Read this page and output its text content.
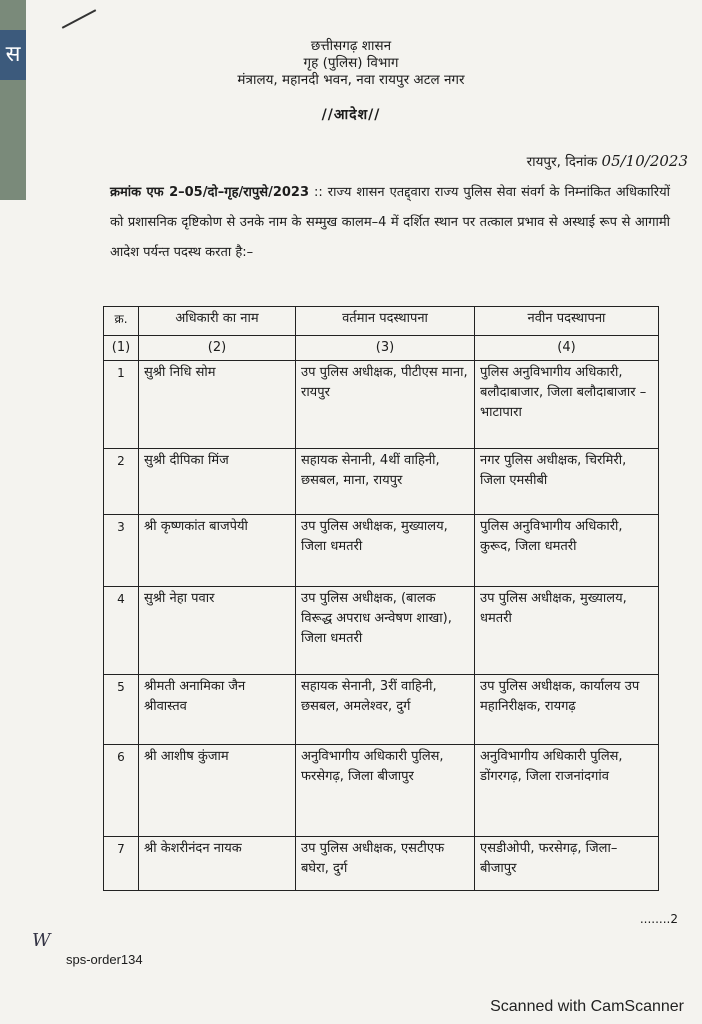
स	छत्तीसगढ़ शासन
गृह (पुलिस) विभाग
मंत्रालय, महानदी भवन, नवा रायपुर अटल नगर
//आदेश//
रायपुर, दिनांक 05/10/2023
क्रमांक एफ 2–05/दो–गृह/रापुसे/2023 :: राज्य शासन एतद्द्वारा राज्य पुलिस सेवा संवर्ग के निम्नांकित अधिकारियों को प्रशासनिक दृष्टिकोण से उनके नाम के सम्मुख कालम–4 में दर्शित स्थान पर तत्काल प्रभाव से अस्थाई रूप से आगामी आदेश पर्यन्त पदस्थ करता है:–
क्र.	अधिकारी का नाम	वर्तमान पदस्थापना	नवीन पदस्थापना
(1)	(2)	(3)	(4)
1	सुश्री निधि सोम	उप पुलिस अधीक्षक, पीटीएस माना, रायपुर	पुलिस अनुविभागीय अधिकारी, बलौदाबाजार, जिला बलौदाबाजार – भाटापारा
2	सुश्री दीपिका मिंज	सहायक सेनानी, 4थीं वाहिनी, छसबल, माना, रायपुर	नगर पुलिस अधीक्षक, चिरमिरी, जिला एमसीबी
3	श्री कृष्णकांत बाजपेयी	उप पुलिस अधीक्षक, मुख्यालय, जिला धमतरी	पुलिस अनुविभागीय अधिकारी, कुरूद, जिला धमतरी
4	सुश्री नेहा पवार	उप पुलिस अधीक्षक, (बालक विरूद्ध अपराध अन्वेषण शाखा), जिला धमतरी	उप पुलिस अधीक्षक, मुख्यालय, धमतरी
5	श्रीमती अनामिका जैन श्रीवास्तव	सहायक सेनानी, 3रीं वाहिनी, छसबल, अमलेश्वर, दुर्ग	उप पुलिस अधीक्षक, कार्यालय उप महानिरीक्षक, रायगढ़
6	श्री आशीष कुंजाम	अनुविभागीय अधिकारी पुलिस, फरसेगढ़, जिला बीजापुर	अनुविभागीय अधिकारी पुलिस, डोंगरगढ़, जिला राजनांदगांव
7	श्री केशरीनंदन नायक	उप पुलिस अधीक्षक, एसटीएफ बघेरा, दुर्ग	एसडीओपी, फरसेगढ़, जिला–बीजापुर
........2
W
sps-order134
Scanned with CamScanner
